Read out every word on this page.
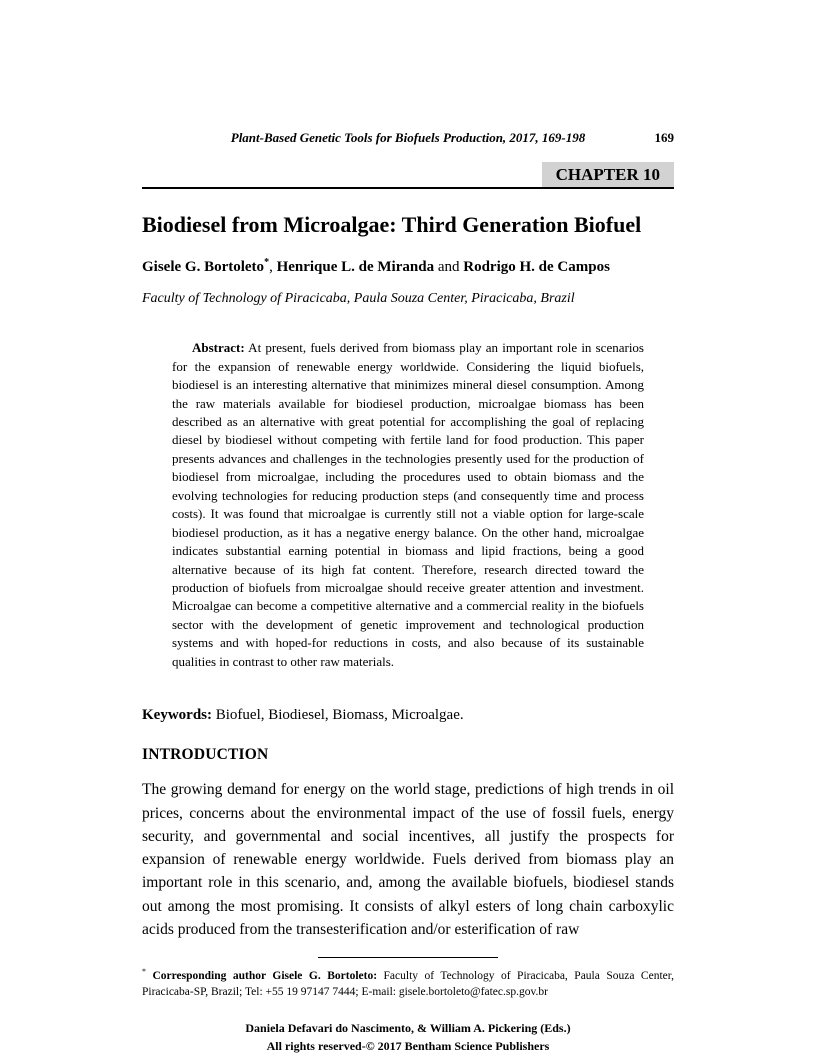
Plant-Based Genetic Tools for Biofuels Production, 2017, 169-198	169
CHAPTER 10
Biodiesel from Microalgae: Third Generation Biofuel

Gisele G. Bortoleto*, Henrique L. de Miranda and Rodrigo H. de Campos

Faculty of Technology of Piracicaba, Paula Souza Center, Piracicaba, Brazil

Abstract: At present, fuels derived from biomass play an important role in scenarios for the expansion of renewable energy worldwide. Considering the liquid biofuels, biodiesel is an interesting alternative that minimizes mineral diesel consumption. Among the raw materials available for biodiesel production, microalgae biomass has been described as an alternative with great potential for accomplishing the goal of replacing diesel by biodiesel without competing with fertile land for food production. This paper presents advances and challenges in the technologies presently used for the production of biodiesel from microalgae, including the procedures used to obtain biomass and the evolving technologies for reducing production steps (and consequently time and process costs). It was found that microalgae is currently still not a viable option for large-scale biodiesel production, as it has a negative energy balance. On the other hand, microalgae indicates substantial earning potential in biomass and lipid fractions, being a good alternative because of its high fat content. Therefore, research directed toward the production of biofuels from microalgae should receive greater attention and investment. Microalgae can become a competitive alternative and a commercial reality in the biofuels sector with the development of genetic improvement and technological production systems and with hoped-for reductions in costs, and also because of its sustainable qualities in contrast to other raw materials.

Keywords: Biofuel, Biodiesel, Biomass, Microalgae.

INTRODUCTION

The growing demand for energy on the world stage, predictions of high trends in oil prices, concerns about the environmental impact of the use of fossil fuels, energy security, and governmental and social incentives, all justify the prospects for expansion of renewable energy worldwide. Fuels derived from biomass play an important role in this scenario, and, among the available biofuels, biodiesel stands out among the most promising. It consists of alkyl esters of long chain carboxylic acids produced from the transesterification and/or esterification of raw

* Corresponding author Gisele G. Bortoleto: Faculty of Technology of Piracicaba, Paula Souza Center, Piracicaba-SP, Brazil; Tel: +55 19 97147 7444; E-mail: gisele.bortoleto@fatec.sp.gov.br

Daniela Defavari do Nascimento, & William A. Pickering (Eds.)
All rights reserved-© 2017 Bentham Science Publishers
